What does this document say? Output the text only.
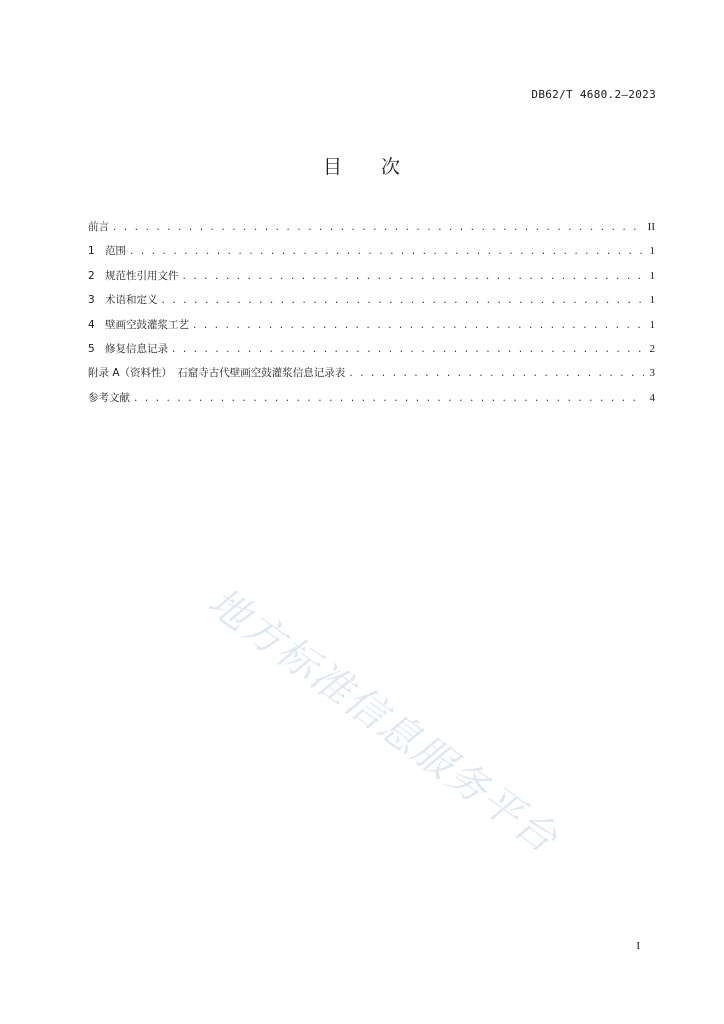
DB62/T 4680.2—2023
目 次
前言 . . .	II
1 范围 . . .	1
2 规范性引用文件 . . .	1
3 术语和定义 . . .	1
4 壁画空鼓灌浆工艺 . . .	1
5 修复信息记录 . . .	2
附录 A（资料性）　石窟寺古代壁画空鼓灌浆信息记录表 . . .	3
参考文献 . . .	4
地方标准信息服务平台
I
